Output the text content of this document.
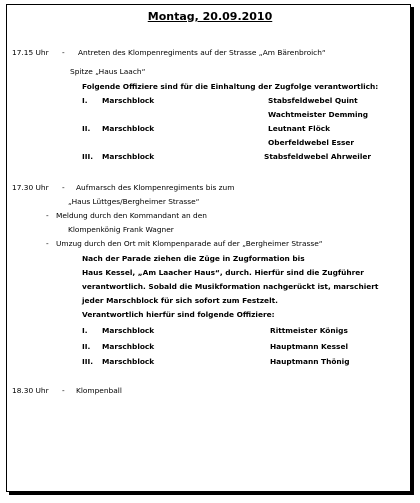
Montag, 20.09.2010
17.15 Uhr - Antreten des Klompenregiments auf der Strasse „Am Bärenbroich“
Spitze „Haus Laach“
Folgende Offiziere sind für die Einhaltung der Zugfolge verantwortlich:
I. Marschblock	Stabsfeldwebel Quint
Wachtmeister Demming
II. Marschblock	Leutnant Flöck
Oberfeldwebel Esser
III. Marschblock	Stabsfeldwebel Ahrweiler
17.30 Uhr - Aufmarsch des Klompenregiments bis zum
„Haus Lüttges/Bergheimer Strasse“
- Meldung durch den Kommandant an den
Klompenkönig Frank Wagner
- Umzug durch den Ort mit Klompenparade auf der „Bergheimer Strasse“
Nach der Parade ziehen die Züge in Zugformation bis
Haus Kessel, „Am Laacher Haus“, durch. Hierfür sind die Zugführer
verantwortlich. Sobald die Musikformation nachgerückt ist, marschiert
jeder Marschblock für sich sofort zum Festzelt.
Verantwortlich hierfür sind folgende Offiziere:
I. Marschblock	Rittmeister Königs
II. Marschblock	Hauptmann Kessel
III. Marschblock	Hauptmann Thönig
18.30 Uhr - Klompenball
